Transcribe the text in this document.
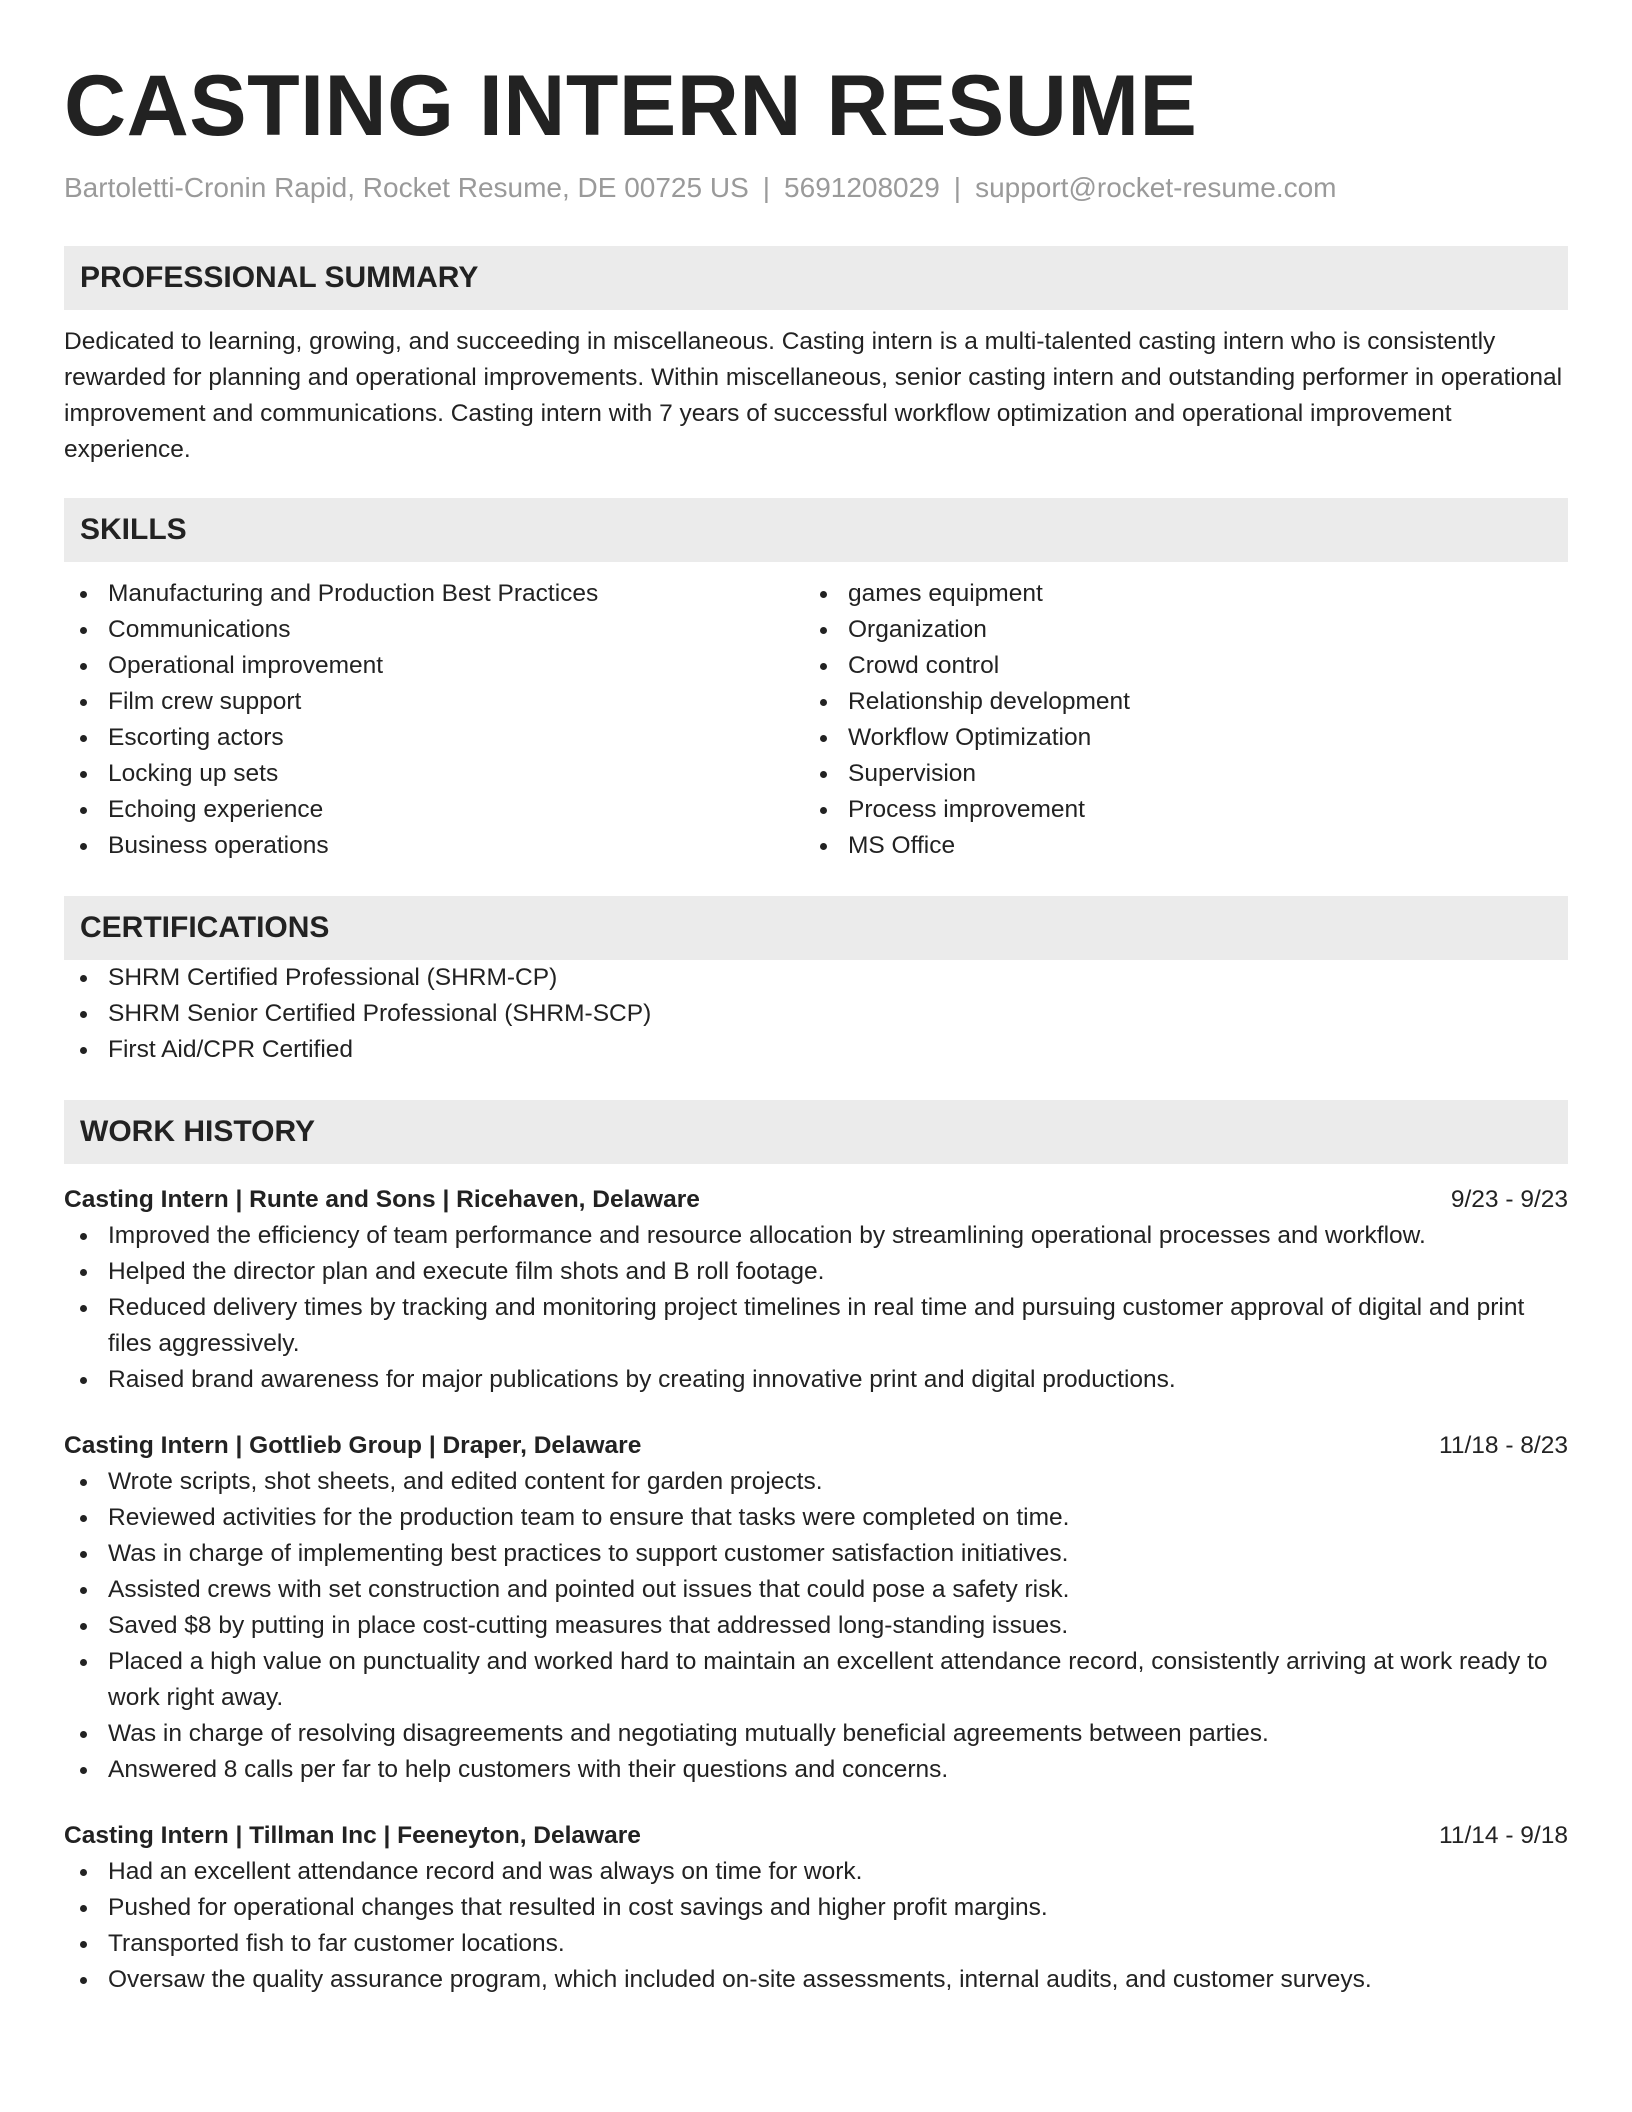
CASTING INTERN RESUME
Bartoletti-Cronin Rapid, Rocket Resume, DE 00725 US | 5691208029 | support@rocket-resume.com
PROFESSIONAL SUMMARY

Dedicated to learning, growing, and succeeding in miscellaneous. Casting intern is a multi-talented casting intern who is consistently rewarded for planning and operational improvements. Within miscellaneous, senior casting intern and outstanding performer in operational improvement and communications. Casting intern with 7 years of successful workflow optimization and operational improvement experience.

SKILLS
Manufacturing and Production Best Practices
Communications
Operational improvement
Film crew support
Escorting actors
Locking up sets
Echoing experience
Business operations
games equipment
Organization
Crowd control
Relationship development
Workflow Optimization
Supervision
Process improvement
MS Office
CERTIFICATIONS
SHRM Certified Professional (SHRM-CP)
SHRM Senior Certified Professional (SHRM-SCP)
First Aid/CPR Certified
WORK HISTORY
Casting Intern | Runte and Sons | Ricehaven, Delaware	9/23 - 9/23
Improved the efficiency of team performance and resource allocation by streamlining operational processes and workflow.
Helped the director plan and execute film shots and B roll footage.
Reduced delivery times by tracking and monitoring project timelines in real time and pursuing customer approval of digital and print files aggressively.
Raised brand awareness for major publications by creating innovative print and digital productions.
Casting Intern | Gottlieb Group | Draper, Delaware	11/18 - 8/23
Wrote scripts, shot sheets, and edited content for garden projects.
Reviewed activities for the production team to ensure that tasks were completed on time.
Was in charge of implementing best practices to support customer satisfaction initiatives.
Assisted crews with set construction and pointed out issues that could pose a safety risk.
Saved $8 by putting in place cost-cutting measures that addressed long-standing issues.
Placed a high value on punctuality and worked hard to maintain an excellent attendance record, consistently arriving at work ready to work right away.
Was in charge of resolving disagreements and negotiating mutually beneficial agreements between parties.
Answered 8 calls per far to help customers with their questions and concerns.
Casting Intern | Tillman Inc | Feeneyton, Delaware	11/14 - 9/18
Had an excellent attendance record and was always on time for work.
Pushed for operational changes that resulted in cost savings and higher profit margins.
Transported fish to far customer locations.
Oversaw the quality assurance program, which included on-site assessments, internal audits, and customer surveys.
